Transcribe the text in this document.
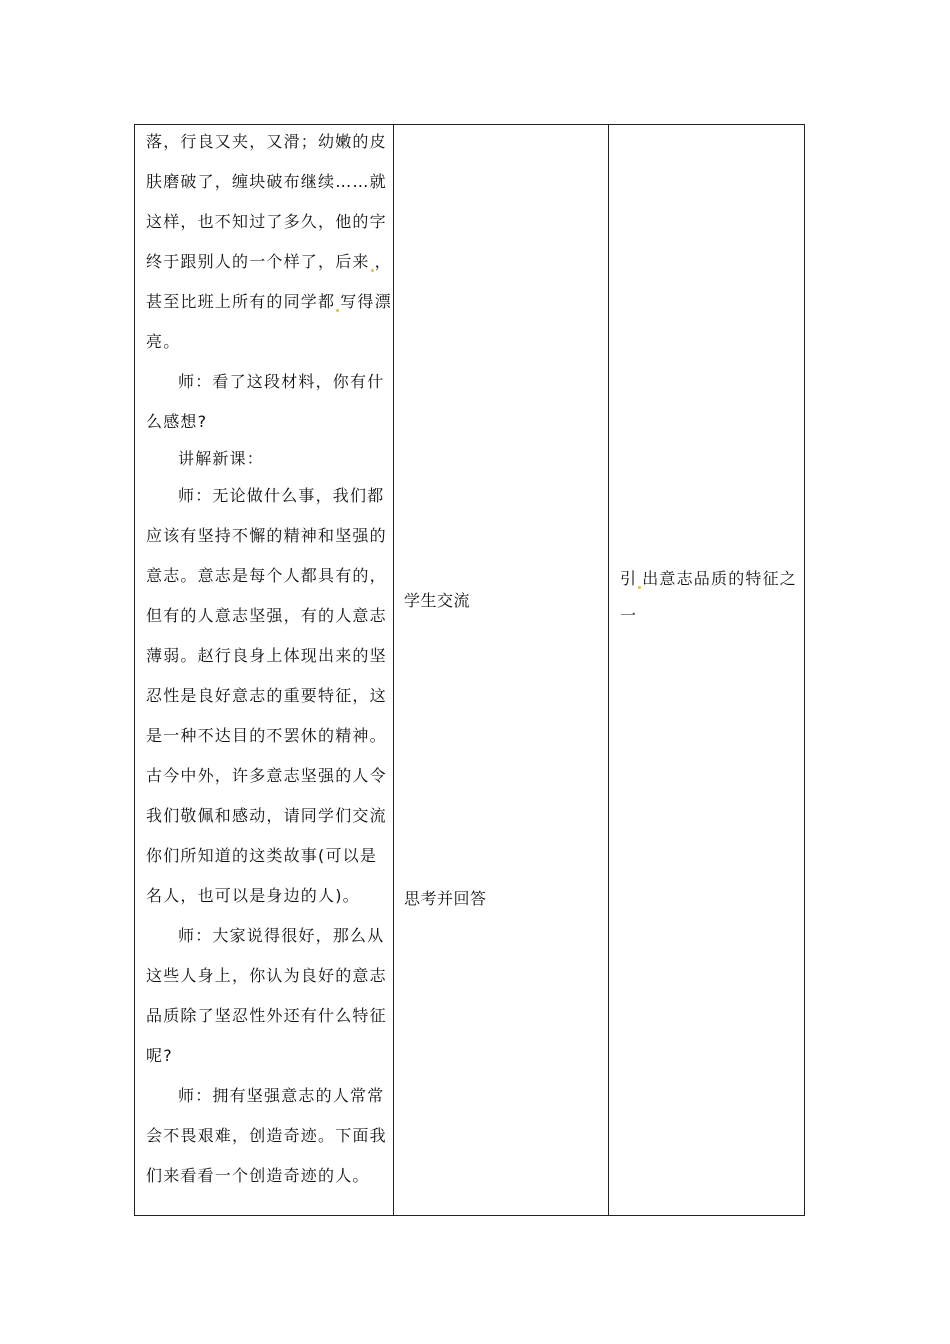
落，行良又夹，又滑；幼嫩的皮
肤磨破了，缠块破布继续……就
这样，也不知过了多久，他的字
终于跟别人的一个样了，后来 ，
甚至比班上所有的同学都 写得漂
亮。
师：看了这段材料，你有什
么感想?
讲解新课：
师：无论做什么事，我们都
应该有坚持不懈的精神和坚强的
意志。意志是每个人都具有的，
但有的人意志坚强，有的人意志
薄弱。赵行良身上体现出来的坚
忍性是良好意志的重要特征，这
是一种不达目的不罢休的精神。
古今中外，许多意志坚强的人令
我们敬佩和感动，请同学们交流
你们所知道的这类故事(可以是
名人，也可以是身边的人)。
师：大家说得很好，那么从
这些人身上，你认为良好的意志
品质除了坚忍性外还有什么特征
呢?
师：拥有坚强意志的人常常
会不畏艰难，创造奇迹。下面我
们来看看一个创造奇迹的人。
学生交流
思考并回答
引 出意志品质的特征之
一
